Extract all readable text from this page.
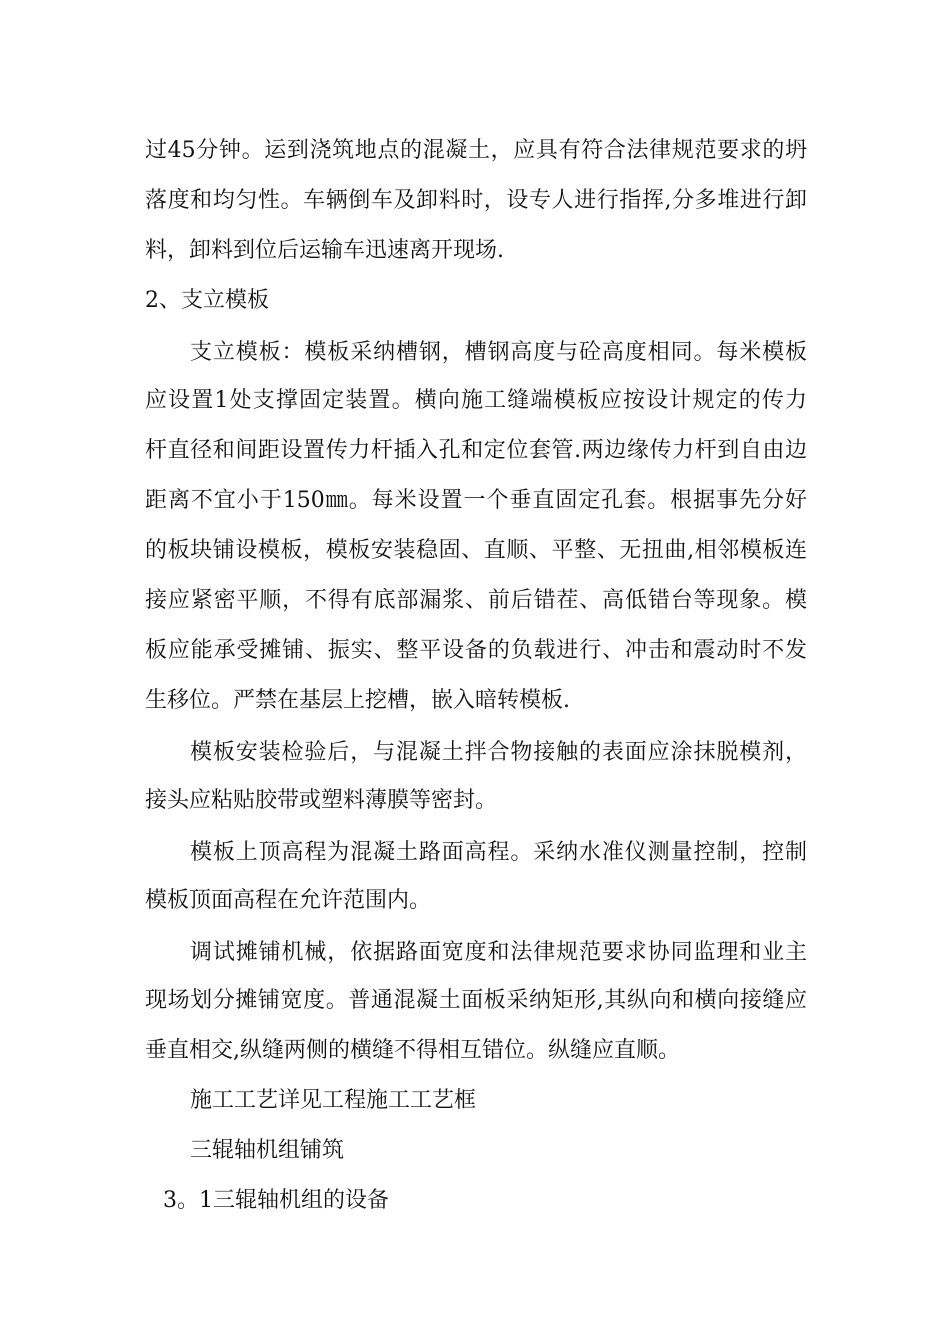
过45分钟。运到浇筑地点的混凝土，应具有符合法律规范要求的坍
落度和均匀性。车辆倒车及卸料时，设专人进行指挥,分多堆进行卸
料，卸料到位后运输车迅速离开现场.
2、支立模板
支立模板：模板采纳槽钢，槽钢高度与砼高度相同。每米模板
应设置1处支撑固定装置。横向施工缝端模板应按设计规定的传力
杆直径和间距设置传力杆插入孔和定位套管.两边缘传力杆到自由边
距离不宜小于150㎜。每米设置一个垂直固定孔套。根据事先分好
的板块铺设模板，模板安装稳固、直顺、平整、无扭曲,相邻模板连
接应紧密平顺，不得有底部漏浆、前后错茬、高低错台等现象。模
板应能承受摊铺、振实、整平设备的负载进行、冲击和震动时不发
生移位。严禁在基层上挖槽，嵌入暗转模板.
模板安装检验后，与混凝土拌合物接触的表面应涂抹脱模剂，
接头应粘贴胶带或塑料薄膜等密封。
模板上顶高程为混凝土路面高程。采纳水准仪测量控制，控制
模板顶面高程在允许范围内。
调试摊铺机械，依据路面宽度和法律规范要求协同监理和业主
现场划分摊铺宽度。普通混凝土面板采纳矩形,其纵向和横向接缝应
垂直相交,纵缝两侧的横缝不得相互错位。纵缝应直顺。
施工工艺详见工程施工工艺框
三辊轴机组铺筑
3。1三辊轴机组的设备
